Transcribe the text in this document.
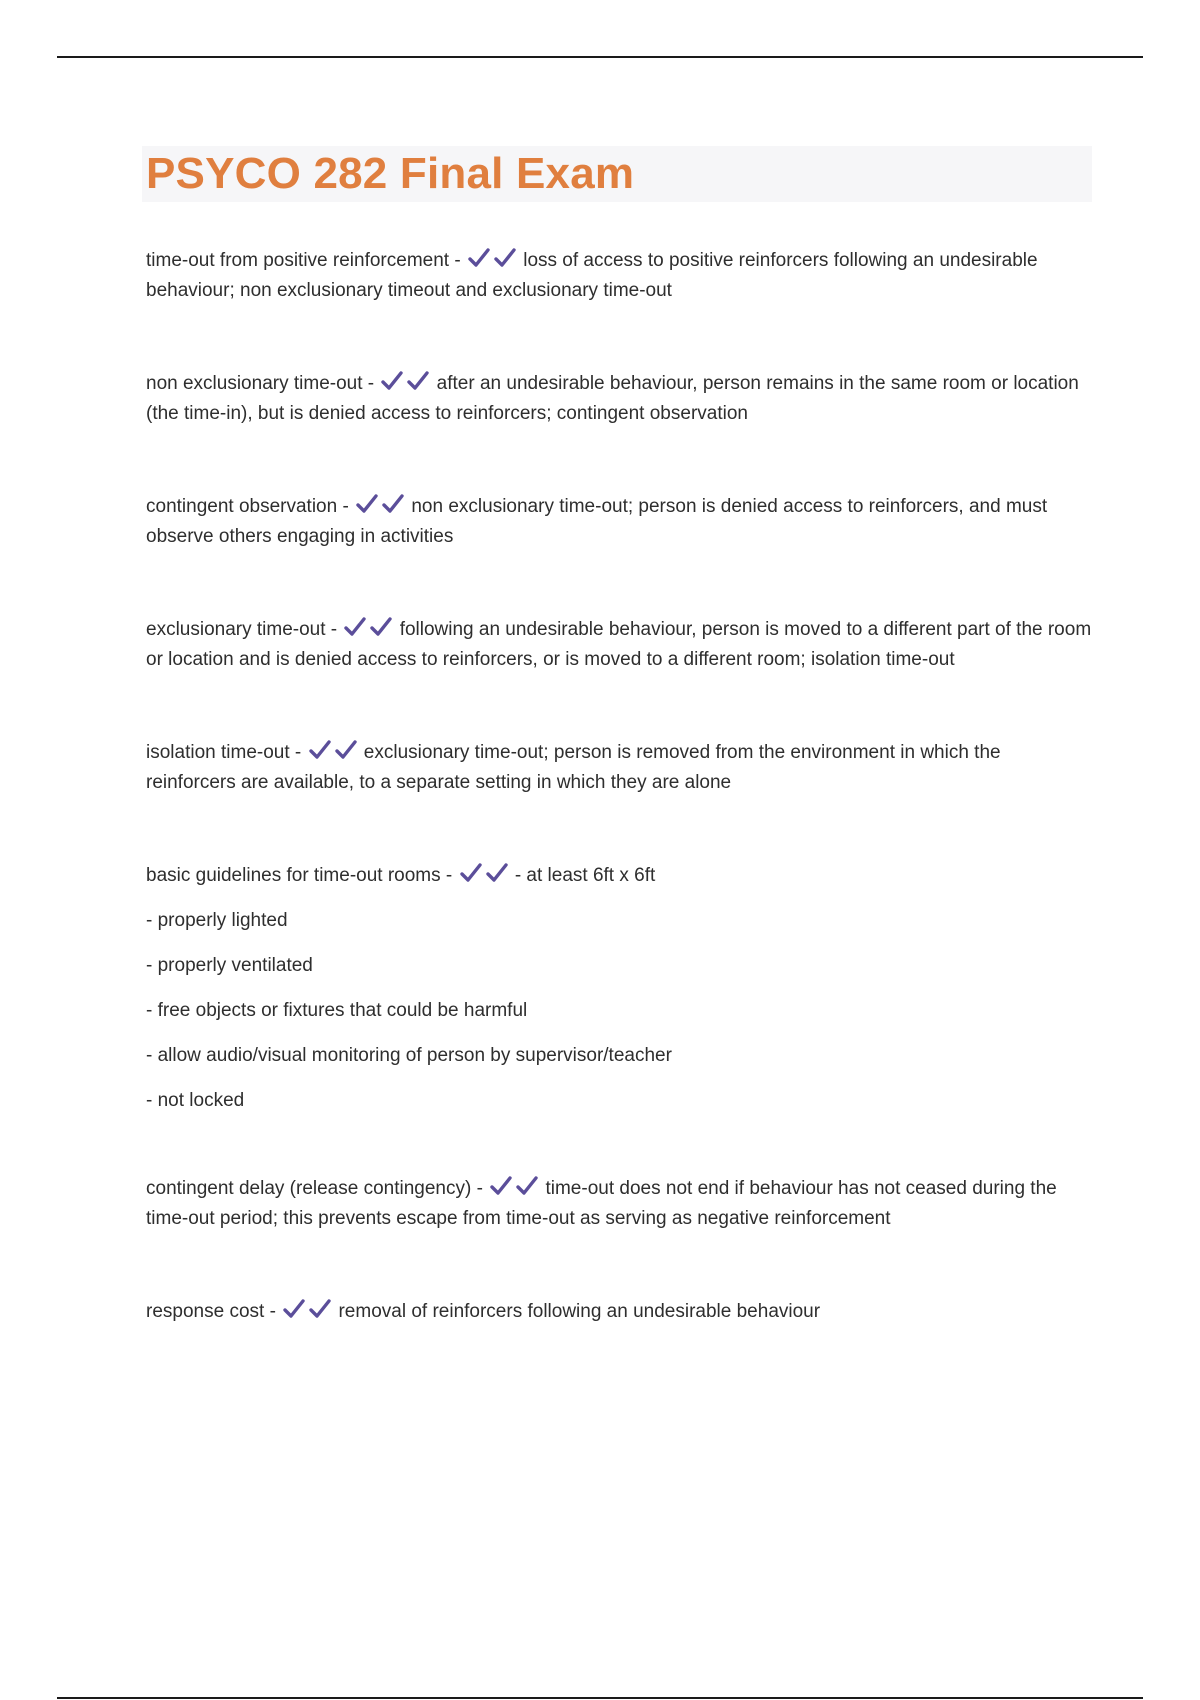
PSYCO 282 Final Exam

time-out from positive reinforcement -	loss of access to positive reinforcers following an undesirable behaviour; non exclusionary timeout and exclusionary time-out

non exclusionary time-out -	after an undesirable behaviour, person remains in the same room or location (the time-in), but is denied access to reinforcers; contingent observation

contingent observation -	non exclusionary time-out; person is denied access to reinforcers, and must observe others engaging in activities

exclusionary time-out -	following an undesirable behaviour, person is moved to a different part of the room or location and is denied access to reinforcers, or is moved to a different room; isolation time-out

isolation time-out -	exclusionary time-out; person is removed from the environment in which the reinforcers are available, to a separate setting in which they are alone

basic guidelines for time-out rooms -	- at least 6ft x 6ft
- properly lighted
- properly ventilated
- free objects or fixtures that could be harmful
- allow audio/visual monitoring of person by supervisor/teacher
- not locked

contingent delay (release contingency) -	time-out does not end if behaviour has not ceased during the time-out period; this prevents escape from time-out as serving as negative reinforcement

response cost -	removal of reinforcers following an undesirable behaviour
